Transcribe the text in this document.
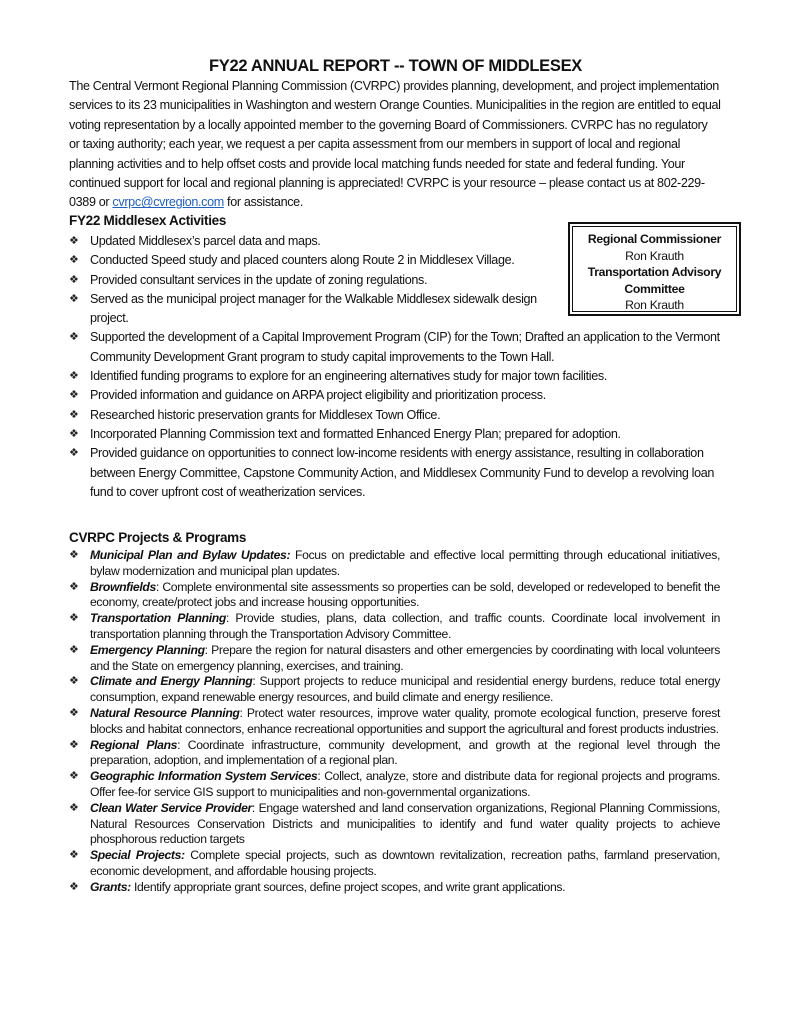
FY22 ANNUAL REPORT -- TOWN OF MIDDLESEX
The Central Vermont Regional Planning Commission (CVRPC) provides planning, development, and project implementation services to its 23 municipalities in Washington and western Orange Counties. Municipalities in the region are entitled to equal voting representation by a locally appointed member to the governing Board of Commissioners. CVRPC has no regulatory or taxing authority; each year, we request a per capita assessment from our members in support of local and regional planning activities and to help offset costs and provide local matching funds needed for state and federal funding. Your continued support for local and regional planning is appreciated! CVRPC is your resource – please contact us at 802-229-0389 or cvrpc@cvregion.com for assistance.
FY22 Middlesex Activities
Regional Commissioner
Ron Krauth
Transportation Advisory
Committee
Ron Krauth
❖ Updated Middlesex’s parcel data and maps.
❖ Conducted Speed study and placed counters along Route 2 in Middlesex Village.
❖ Provided consultant services in the update of zoning regulations.
❖ Served as the municipal project manager for the Walkable Middlesex sidewalk design project.
❖ Supported the development of a Capital Improvement Program (CIP) for the Town; Drafted an application to the Vermont Community Development Grant program to study capital improvements to the Town Hall.
❖ Identified funding programs to explore for an engineering alternatives study for major town facilities.
❖ Provided information and guidance on ARPA project eligibility and prioritization process.
❖ Researched historic preservation grants for Middlesex Town Office.
❖ Incorporated Planning Commission text and formatted Enhanced Energy Plan; prepared for adoption.
❖ Provided guidance on opportunities to connect low-income residents with energy assistance, resulting in collaboration between Energy Committee, Capstone Community Action, and Middlesex Community Fund to develop a revolving loan fund to cover upfront cost of weatherization services.
CVRPC Projects & Programs
❖ Municipal Plan and Bylaw Updates: Focus on predictable and effective local permitting through educational initiatives, bylaw modernization and municipal plan updates.
❖ Brownfields: Complete environmental site assessments so properties can be sold, developed or redeveloped to benefit the economy, create/protect jobs and increase housing opportunities.
❖ Transportation Planning: Provide studies, plans, data collection, and traffic counts. Coordinate local involvement in transportation planning through the Transportation Advisory Committee.
❖ Emergency Planning: Prepare the region for natural disasters and other emergencies by coordinating with local volunteers and the State on emergency planning, exercises, and training.
❖ Climate and Energy Planning: Support projects to reduce municipal and residential energy burdens, reduce total energy consumption, expand renewable energy resources, and build climate and energy resilience.
❖ Natural Resource Planning: Protect water resources, improve water quality, promote ecological function, preserve forest blocks and habitat connectors, enhance recreational opportunities and support the agricultural and forest products industries.
❖ Regional Plans: Coordinate infrastructure, community development, and growth at the regional level through the preparation, adoption, and implementation of a regional plan.
❖ Geographic Information System Services: Collect, analyze, store and distribute data for regional projects and programs. Offer fee-for service GIS support to municipalities and non-governmental organizations.
❖ Clean Water Service Provider: Engage watershed and land conservation organizations, Regional Planning Commissions, Natural Resources Conservation Districts and municipalities to identify and fund water quality projects to achieve phosphorous reduction targets
❖ Special Projects: Complete special projects, such as downtown revitalization, recreation paths, farmland preservation, economic development, and affordable housing projects.
❖ Grants: Identify appropriate grant sources, define project scopes, and write grant applications.
